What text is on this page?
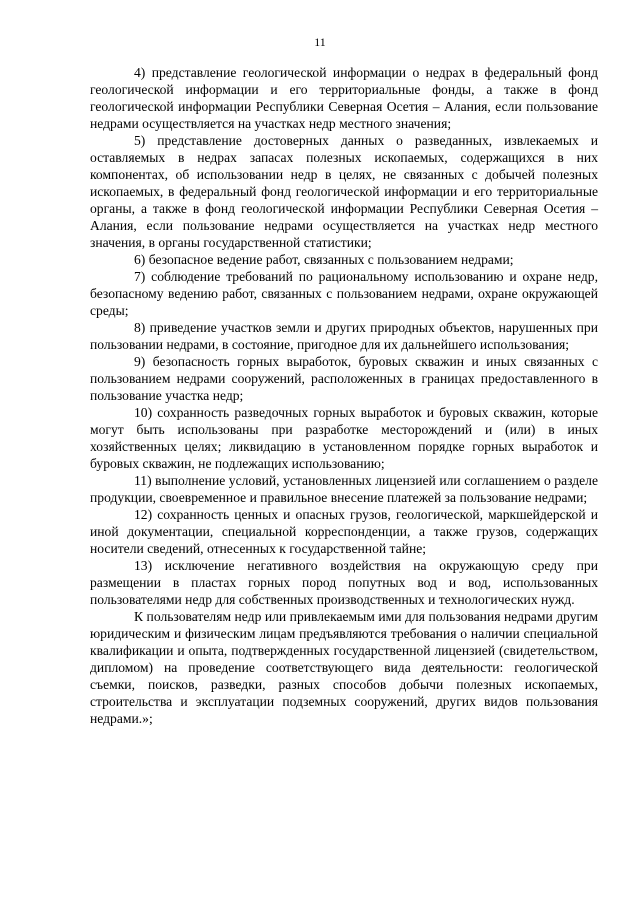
11

4) представление геологической информации о недрах в федеральный фонд геологической информации и его территориальные фонды, а также в фонд геологической информации Республики Северная Осетия – Алания, если пользование недрами осуществляется на участках недр местного значения;

5) представление достоверных данных о разведанных, извлекаемых и оставляемых в недрах запасах полезных ископаемых, содержащихся в них компонентах, об использовании недр в целях, не связанных с добычей полезных ископаемых, в федеральный фонд геологической информации и его территориальные органы, а также в фонд геологической информации Республики Северная Осетия – Алания, если пользование недрами осуществляется на участках недр местного значения, в органы государственной статистики;

6) безопасное ведение работ, связанных с пользованием недрами;

7) соблюдение требований по рациональному использованию и охране недр, безопасному ведению работ, связанных с пользованием недрами, охране окружающей среды;

8) приведение участков земли и других природных объектов, нарушенных при пользовании недрами, в состояние, пригодное для их дальнейшего использования;

9) безопасность горных выработок, буровых скважин и иных связанных с пользованием недрами сооружений, расположенных в границах предоставленного в пользование участка недр;

10) сохранность разведочных горных выработок и буровых скважин, которые могут быть использованы при разработке месторождений и (или) в иных хозяйственных целях; ликвидацию в установленном порядке горных выработок и буровых скважин, не подлежащих использованию;

11) выполнение условий, установленных лицензией или соглашением о разделе продукции, своевременное и правильное внесение платежей за пользование недрами;

12) сохранность ценных и опасных грузов, геологической, маркшейдерской и иной документации, специальной корреспонденции, а также грузов, содержащих носители сведений, отнесенных к государственной тайне;

13) исключение негативного воздействия на окружающую среду при размещении в пластах горных пород попутных вод и вод, использованных пользователями недр для собственных производственных и технологических нужд.

К пользователям недр или привлекаемым ими для пользования недрами другим юридическим и физическим лицам предъявляются требования о наличии специальной квалификации и опыта, подтвержденных государственной лицензией (свидетельством, дипломом) на проведение соответствующего вида деятельности: геологической съемки, поисков, разведки, разных способов добычи полезных ископаемых, строительства и эксплуатации подземных сооружений, других видов пользования недрами.»;
